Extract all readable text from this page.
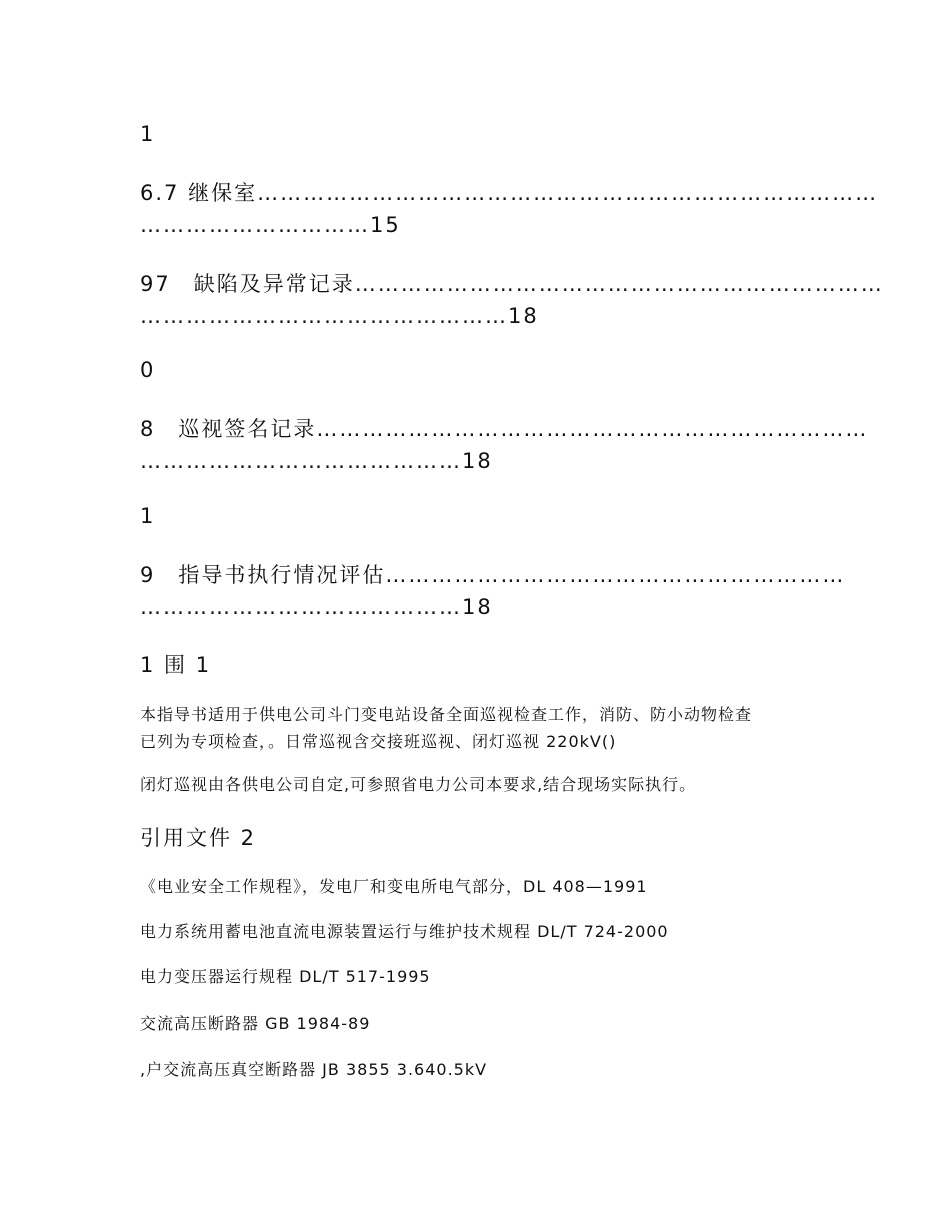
1
6.7 继保室………………………………………………………………………
…………………………15
97　缺陷及异常记录……………………………………………………………
…………………………………………18
0
8　巡视签名记录………………………………………………………………
……………………………………18
1
9　指导书执行情况评估……………………………………………………
……………………………………18
1 围 1
本指导书适用于供电公司斗门变电站设备全面巡视检查工作，消防、防小动物检查
已列为专项检查，。日常巡视含交接班巡视、闭灯巡视 220kV()
闭灯巡视由各供电公司自定,可参照省电力公司本要求,结合现场实际执行。
引用文件 2
《电业安全工作规程》，发电厂和变电所电气部分，DL 408—1991
电力系统用蓄电池直流电源装置运行与维护技术规程 DL/T 724-2000
电力变压器运行规程 DL/T 517-1995
交流高压断路器 GB 1984-89
,户交流高压真空断路器 JB 3855 3.640.5kV
